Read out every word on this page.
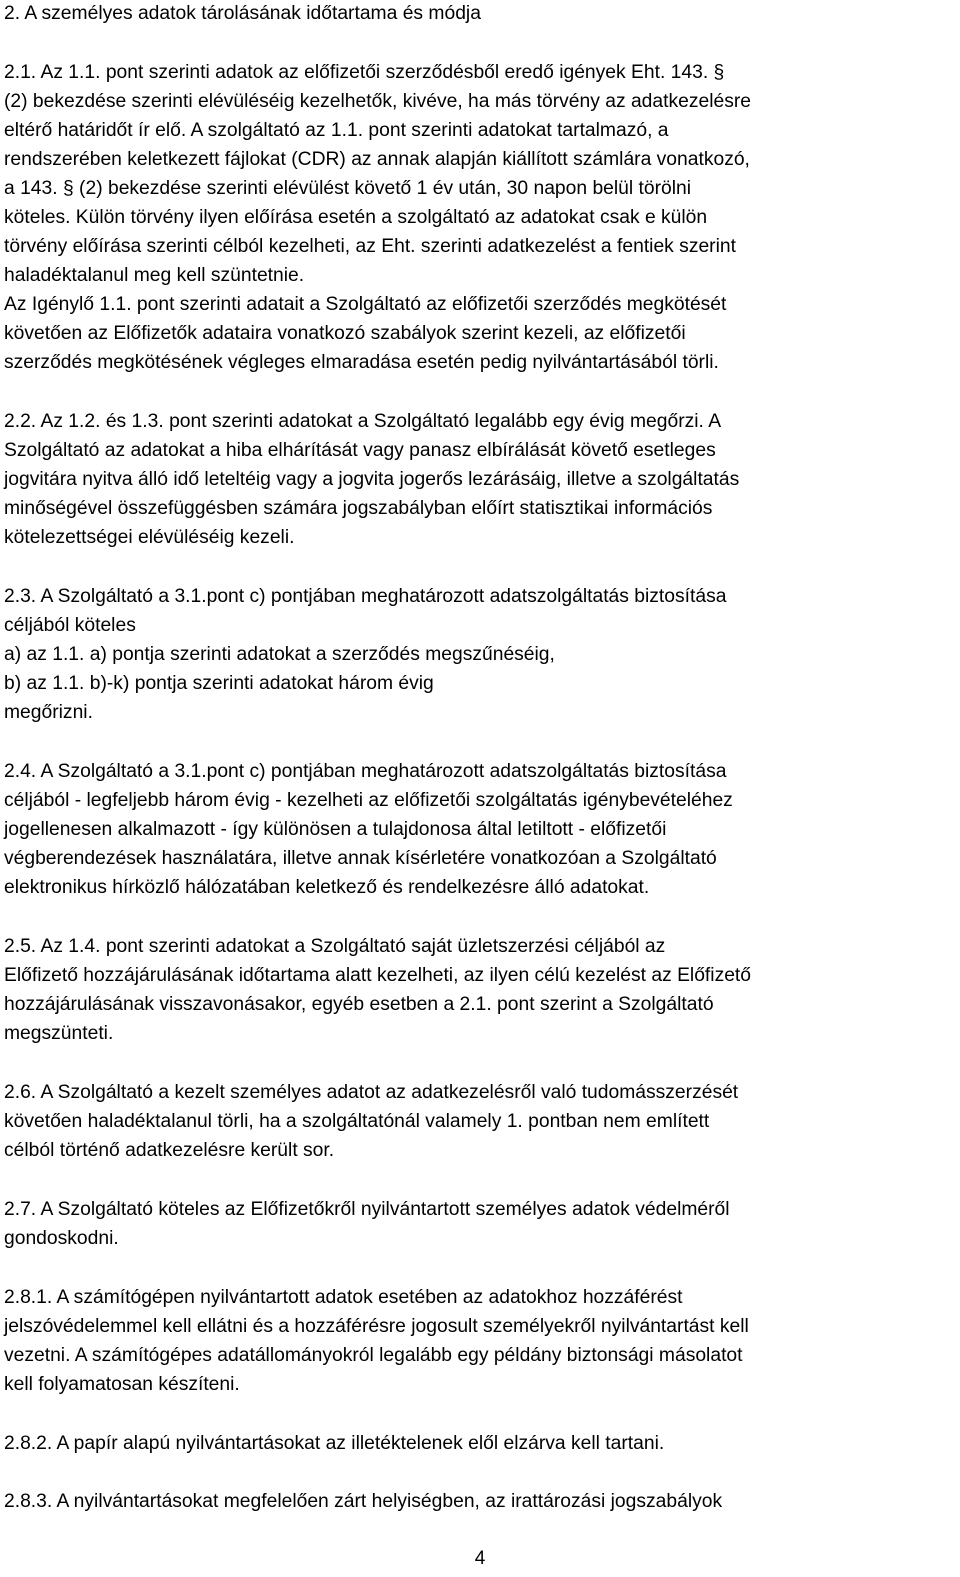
2. A személyes adatok tárolásának időtartama és módja
2.1. Az 1.1. pont szerinti adatok az előfizetői szerződésből eredő igények Eht. 143. §
(2) bekezdése szerinti elévüléséig kezelhetők, kivéve, ha más törvény az adatkezelésre
eltérő határidőt ír elő. A szolgáltató az 1.1. pont szerinti adatokat tartalmazó, a
rendszerében keletkezett fájlokat (CDR) az annak alapján kiállított számlára vonatkozó,
a 143. § (2) bekezdése szerinti elévülést követő 1 év után, 30 napon belül törölni
köteles. Külön törvény ilyen előírása esetén a szolgáltató az adatokat csak e külön
törvény előírása szerinti célból kezelheti, az Eht. szerinti adatkezelést a fentiek szerint
haladéktalanul meg kell szüntetnie.
Az Igénylő 1.1. pont szerinti adatait a Szolgáltató az előfizetői szerződés megkötését
követően az Előfizetők adataira vonatkozó szabályok szerint kezeli, az előfizetői
szerződés megkötésének végleges elmaradása esetén pedig nyilvántartásából törli.
2.2. Az 1.2. és 1.3. pont szerinti adatokat a Szolgáltató legalább egy évig megőrzi. A
Szolgáltató az adatokat a hiba elhárítását vagy panasz elbírálását követő esetleges
jogvitára nyitva álló idő leteltéig vagy a jogvita jogerős lezárásáig, illetve a szolgáltatás
minőségével összefüggésben számára jogszabályban előírt statisztikai információs
kötelezettségei elévüléséig kezeli.
2.3. A Szolgáltató a 3.1.pont c) pontjában meghatározott adatszolgáltatás biztosítása
céljából köteles
a) az 1.1. a) pontja szerinti adatokat a szerződés megszűnéséig,
b) az 1.1. b)-k) pontja szerinti adatokat három évig
megőrizni.
2.4. A Szolgáltató a 3.1.pont c) pontjában meghatározott adatszolgáltatás biztosítása
céljából - legfeljebb három évig - kezelheti az előfizetői szolgáltatás igénybevételéhez
jogellenesen alkalmazott - így különösen a tulajdonosa által letiltott - előfizetői
végberendezések használatára, illetve annak kísérletére vonatkozóan a Szolgáltató
elektronikus hírközlő hálózatában keletkező és rendelkezésre álló adatokat.
2.5. Az 1.4. pont szerinti adatokat a Szolgáltató saját üzletszerzési céljából az
Előfizető hozzájárulásának időtartama alatt kezelheti, az ilyen célú kezelést az Előfizető
hozzájárulásának visszavonásakor, egyéb esetben a 2.1. pont szerint a Szolgáltató
megszünteti.
2.6. A Szolgáltató a kezelt személyes adatot az adatkezelésről való tudomásszerzését
követően haladéktalanul törli, ha a szolgáltatónál valamely 1. pontban nem említett
célból történő adatkezelésre került sor.
2.7. A Szolgáltató köteles az Előfizetőkről nyilvántartott személyes adatok védelméről
gondoskodni.
2.8.1. A számítógépen nyilvántartott adatok esetében az adatokhoz hozzáférést
jelszóvédelemmel kell ellátni és a hozzáférésre jogosult személyekről nyilvántartást kell
vezetni. A számítógépes adatállományokról legalább egy példány biztonsági másolatot
kell folyamatosan készíteni.
2.8.2. A papír alapú nyilvántartásokat az illetéktelenek elől elzárva kell tartani.
2.8.3. A nyilvántartásokat megfelelően zárt helyiségben, az irattározási jogszabályok
4
